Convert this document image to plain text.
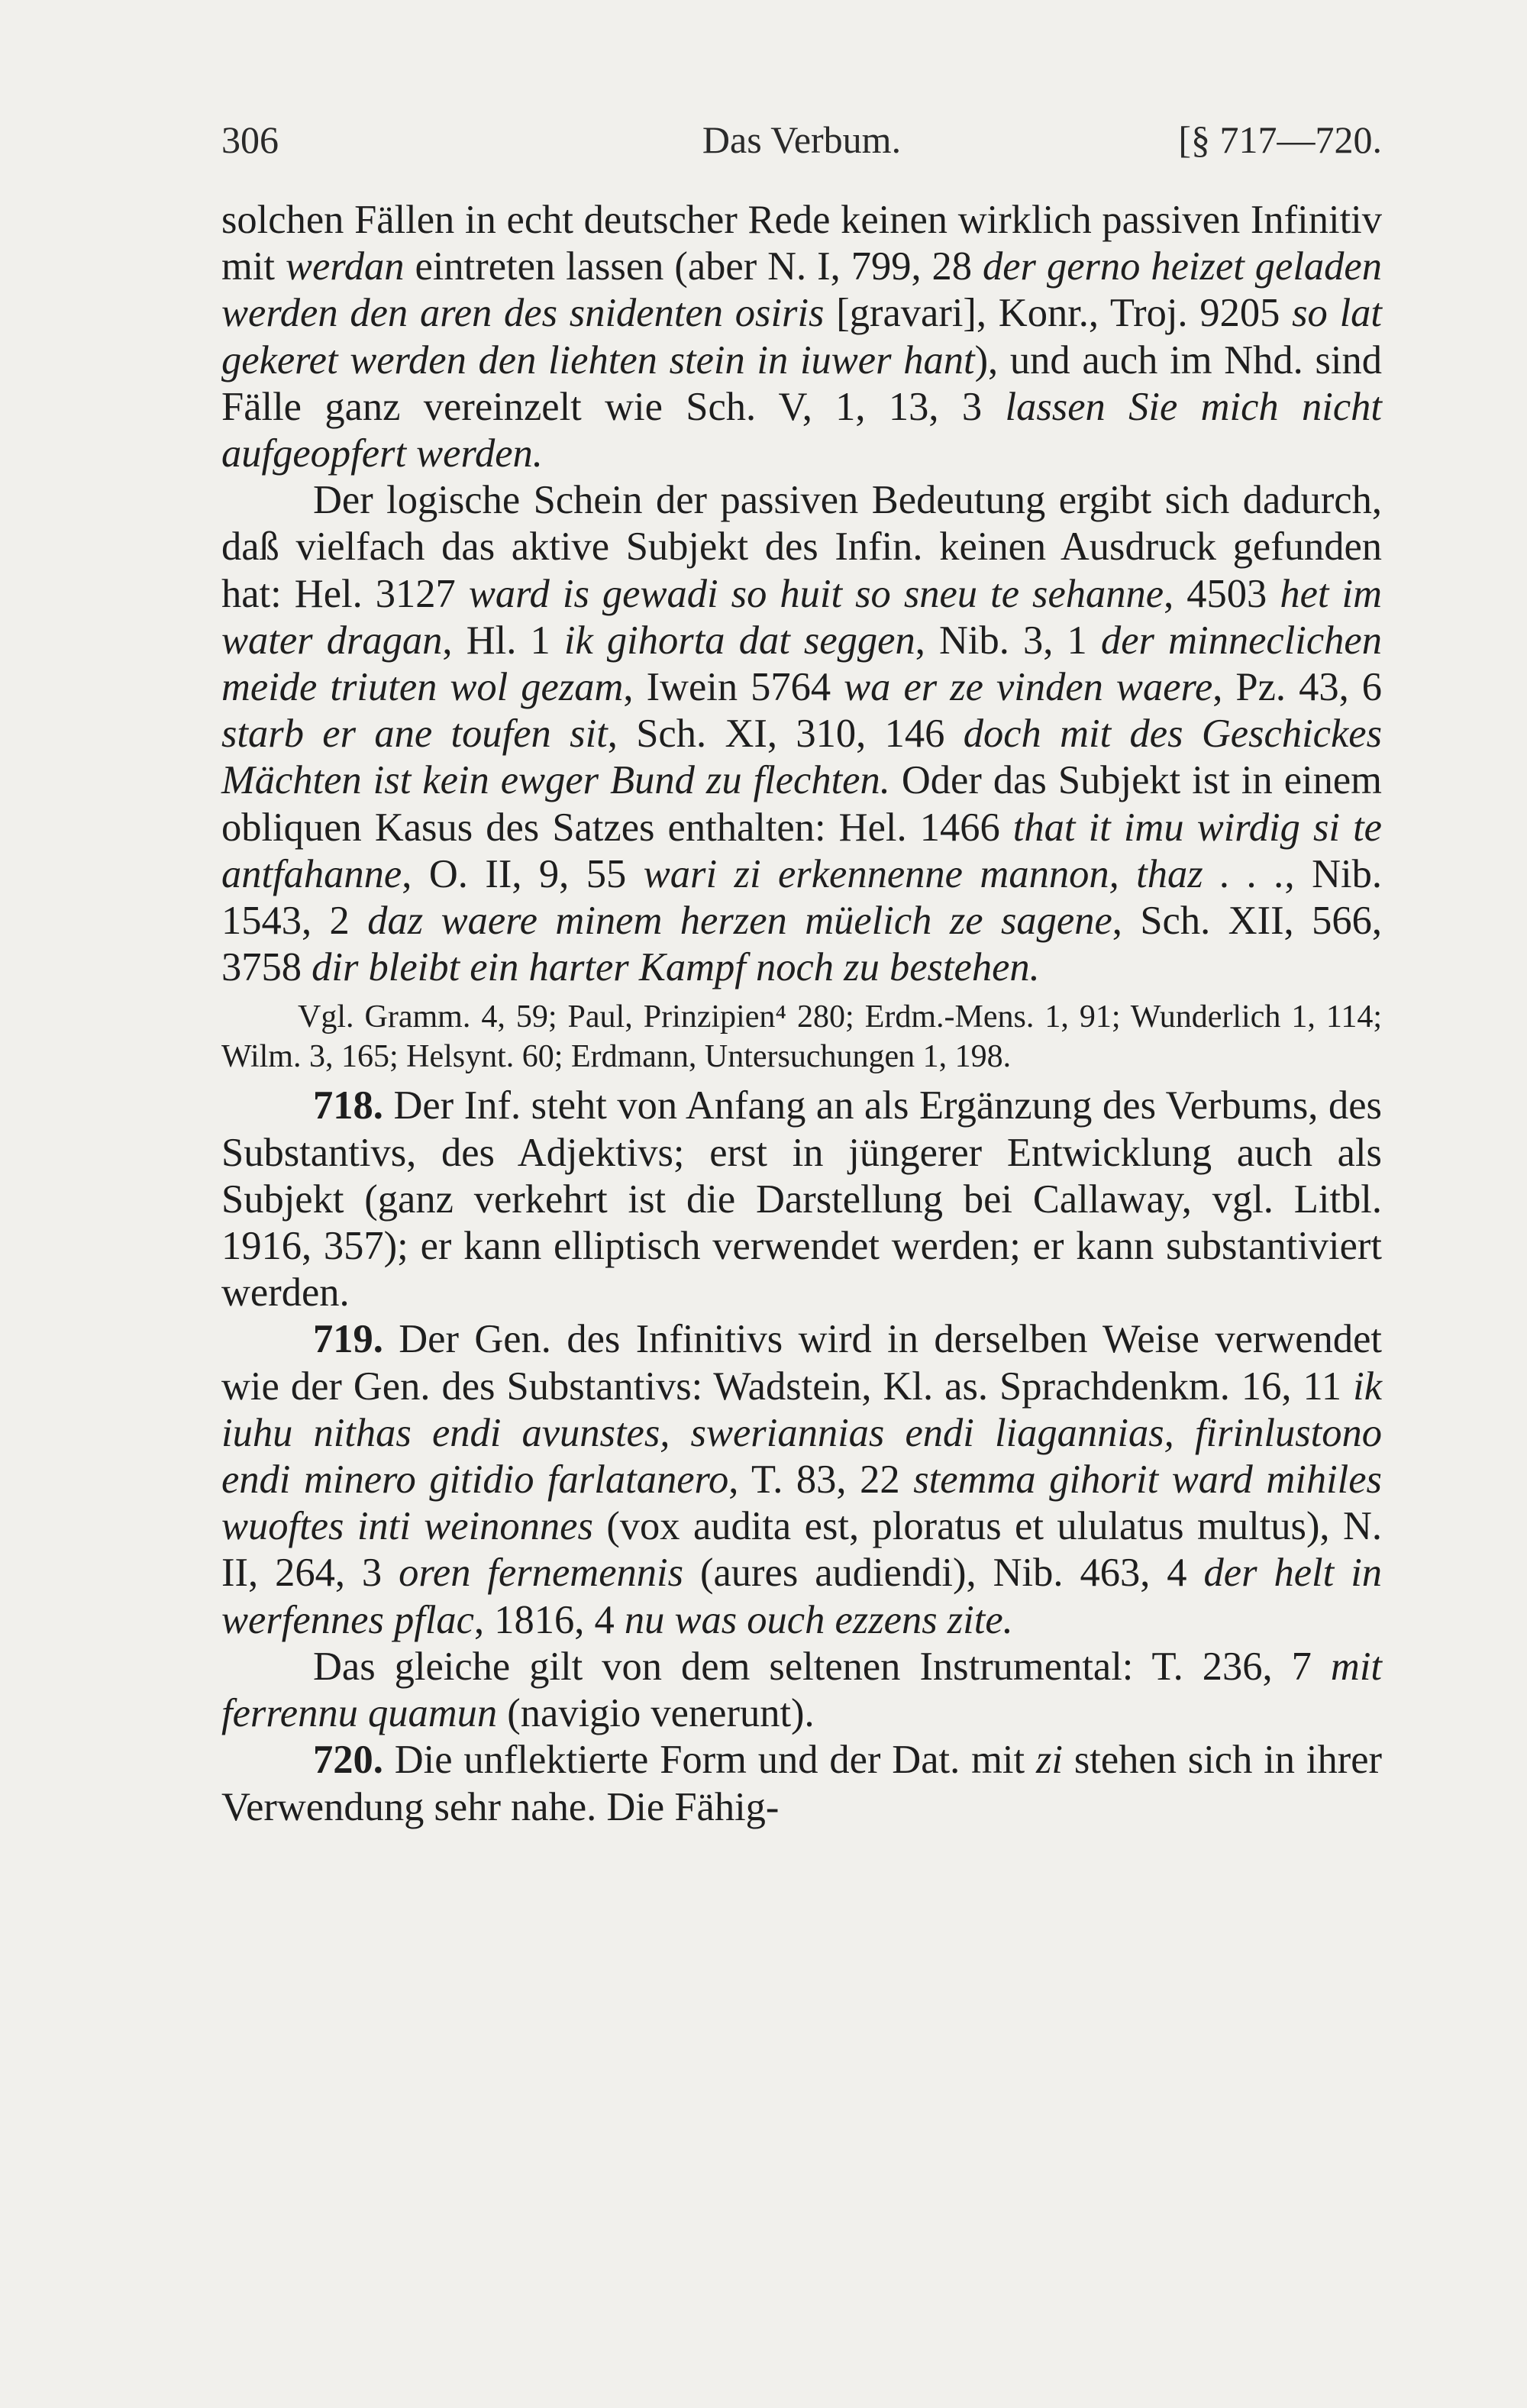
306	Das Verbum.	[§ 717—720.

solchen Fällen in echt deutscher Rede keinen wirklich passiven Infinitiv mit werdan eintreten lassen (aber N. I, 799, 28 der gerno heizet geladen werden den aren des snidenten osiris [gravari], Konr., Troj. 9205 so lat gekeret werden den liehten stein in iuwer hant), und auch im Nhd. sind Fälle ganz vereinzelt wie Sch. V, 1, 13, 3 lassen Sie mich nicht aufgeopfert werden.

Der logische Schein der passiven Bedeutung ergibt sich dadurch, daß vielfach das aktive Subjekt des Infin. keinen Ausdruck gefunden hat: Hel. 3127 ward is gewadi so huit so sneu te sehanne, 4503 het im water dragan, Hl. 1 ik gihorta dat seggen, Nib. 3, 1 der minneclichen meide triuten wol gezam, Iwein 5764 wa er ze vinden waere, Pz. 43, 6 starb er ane toufen sit, Sch. XI, 310, 146 doch mit des Geschickes Mächten ist kein ewger Bund zu flechten. Oder das Subjekt ist in einem obliquen Kasus des Satzes enthalten: Hel. 1466 that it imu wirdig si te antfahanne, O. II, 9, 55 wari zi erkennenne mannon, thaz . . ., Nib. 1543, 2 daz waere minem herzen müelich ze sagene, Sch. XII, 566, 3758 dir bleibt ein harter Kampf noch zu bestehen.

Vgl. Gramm. 4, 59; Paul, Prinzipien⁴ 280; Erdm.-Mens. 1, 91; Wunderlich 1, 114; Wilm. 3, 165; Helsynt. 60; Erdmann, Untersuchungen 1, 198.

718. Der Inf. steht von Anfang an als Ergänzung des Verbums, des Substantivs, des Adjektivs; erst in jüngerer Entwicklung auch als Subjekt (ganz verkehrt ist die Darstellung bei Callaway, vgl. Litbl. 1916, 357); er kann elliptisch verwendet werden; er kann substantiviert werden.

719. Der Gen. des Infinitivs wird in derselben Weise verwendet wie der Gen. des Substantivs: Wadstein, Kl. as. Sprachdenkm. 16, 11 ik iuhu nithas endi avunstes, sweriannias endi liagannias, firinlustono endi minero gitidio farlatanero, T. 83, 22 stemma gihorit ward mihiles wuoftes inti weinonnes (vox audita est, ploratus et ululatus multus), N. II, 264, 3 oren fernemennis (aures audiendi), Nib. 463, 4 der helt in werfennes pflac, 1816, 4 nu was ouch ezzens zite.

Das gleiche gilt von dem seltenen Instrumental: T. 236, 7 mit ferrennu quamun (navigio venerunt).

720. Die unflektierte Form und der Dat. mit zi stehen sich in ihrer Verwendung sehr nahe. Die Fähig-
